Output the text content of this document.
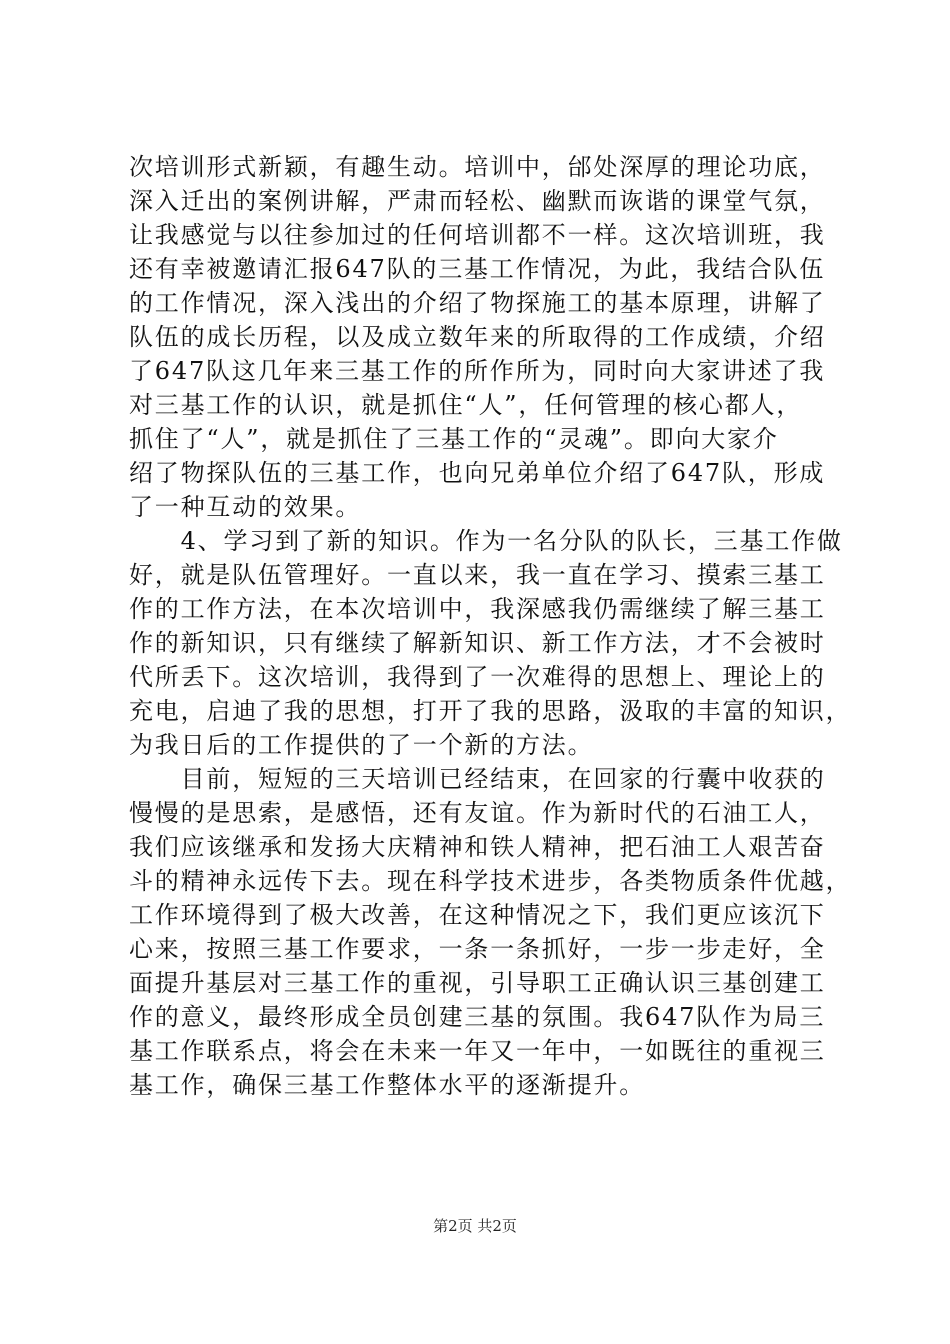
次培训形式新颖，有趣生动。培训中，邰处深厚的理论功底，
深入迁出的案例讲解，严肃而轻松、幽默而诙谐的课堂气氛，
让我感觉与以往参加过的任何培训都不一样。这次培训班，我
还有幸被邀请汇报647队的三基工作情况，为此，我结合队伍
的工作情况，深入浅出的介绍了物探施工的基本原理，讲解了
队伍的成长历程，以及成立数年来的所取得的工作成绩，介绍
了647队这几年来三基工作的所作所为，同时向大家讲述了我
对三基工作的认识，就是抓住“人”，任何管理的核心都人，
抓住了“人”，就是抓住了三基工作的“灵魂”。即向大家介
绍了物探队伍的三基工作，也向兄弟单位介绍了647队，形成
了一种互动的效果。
　　4、学习到了新的知识。作为一名分队的队长，三基工作做
好，就是队伍管理好。一直以来，我一直在学习、摸索三基工
作的工作方法，在本次培训中，我深感我仍需继续了解三基工
作的新知识，只有继续了解新知识、新工作方法，才不会被时
代所丢下。这次培训，我得到了一次难得的思想上、理论上的
充电，启迪了我的思想，打开了我的思路，汲取的丰富的知识，
为我日后的工作提供的了一个新的方法。
　　目前，短短的三天培训已经结束，在回家的行囊中收获的
慢慢的是思索，是感悟，还有友谊。作为新时代的石油工人，
我们应该继承和发扬大庆精神和铁人精神，把石油工人艰苦奋
斗的精神永远传下去。现在科学技术进步，各类物质条件优越，
工作环境得到了极大改善，在这种情况之下，我们更应该沉下
心来，按照三基工作要求，一条一条抓好，一步一步走好，全
面提升基层对三基工作的重视，引导职工正确认识三基创建工
作的意义，最终形成全员创建三基的氛围。我647队作为局三
基工作联系点，将会在未来一年又一年中，一如既往的重视三
基工作，确保三基工作整体水平的逐渐提升。
第2页 共2页
